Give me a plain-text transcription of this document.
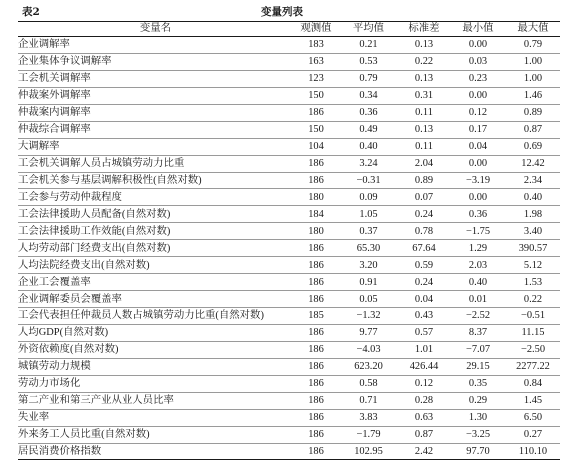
变量列表
表2
变量名	观测值	平均值	标准差	最小值	最大值
企业调解率	183	0.21	0.13	0.00	0.79
企业集体争议调解率	163	0.53	0.22	0.03	1.00
工会机关调解率	123	0.79	0.13	0.23	1.00
仲裁案外调解率	150	0.34	0.31	0.00	1.46
仲裁案内调解率	186	0.36	0.11	0.12	0.89
仲裁综合调解率	150	0.49	0.13	0.17	0.87
大调解率	104	0.40	0.11	0.04	0.69
工会机关调解人员占城镇劳动力比重	186	3.24	2.04	0.00	12.42
工会机关参与基层调解积极性(自然对数)	186	−0.31	0.89	−3.19	2.34
工会参与劳动仲裁程度	180	0.09	0.07	0.00	0.40
工会法律援助人员配备(自然对数)	184	1.05	0.24	0.36	1.98
工会法律援助工作效能(自然对数)	180	0.37	0.78	−1.75	3.40
人均劳动部门经费支出(自然对数)	186	65.30	67.64	1.29	390.57
人均法院经费支出(自然对数)	186	3.20	0.59	2.03	5.12
企业工会覆盖率	186	0.91	0.24	0.40	1.53
企业调解委员会覆盖率	186	0.05	0.04	0.01	0.22
工会代表担任仲裁员人数占城镇劳动力比重(自然对数)	185	−1.32	0.43	−2.52	−0.51
人均GDP(自然对数)	186	9.77	0.57	8.37	11.15
外资依赖度(自然对数)	186	−4.03	1.01	−7.07	−2.50
城镇劳动力规模	186	623.20	426.44	29.15	2277.22
劳动力市场化	186	0.58	0.12	0.35	0.84
第二产业和第三产业从业人员比率	186	0.71	0.28	0.29	1.45
失业率	186	3.83	0.63	1.30	6.50
外来务工人员比重(自然对数)	186	−1.79	0.87	−3.25	0.27
居民消费价格指数	186	102.95	2.42	97.70	110.10
